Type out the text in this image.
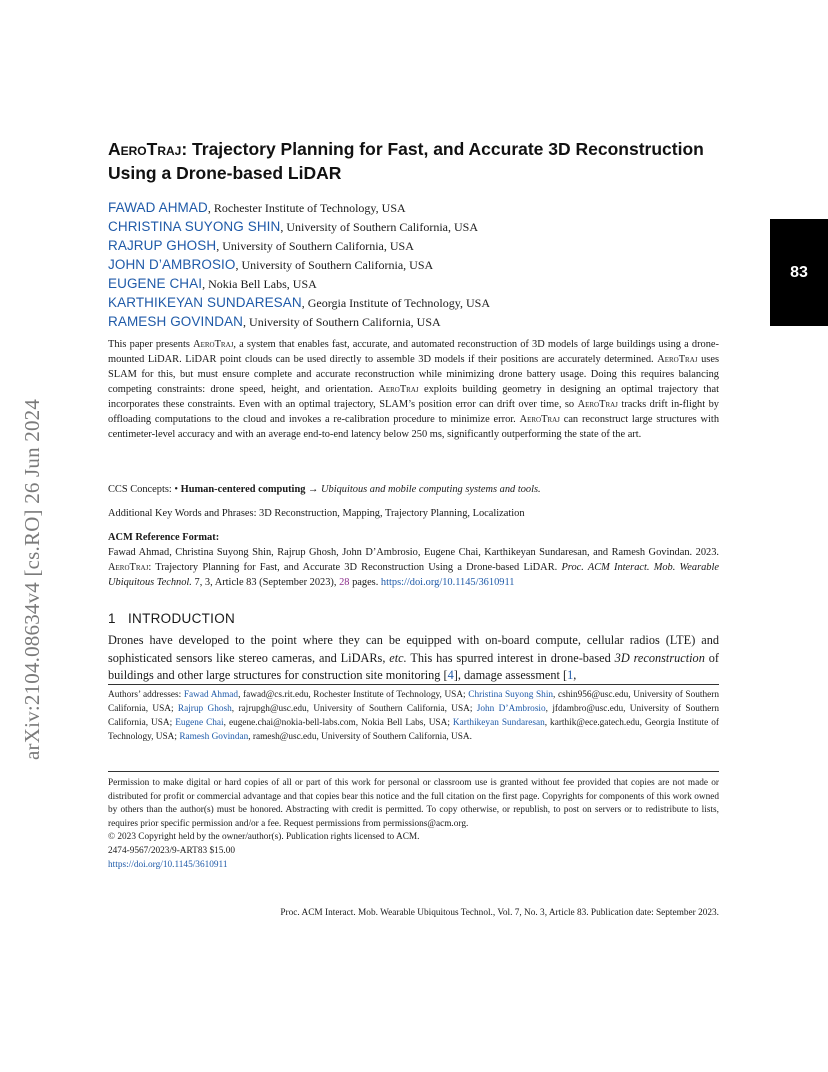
arXiv:2104.08634v4 [cs.RO] 26 Jun 2024
83
AeroTraj: Trajectory Planning for Fast, and Accurate 3D Reconstruction Using a Drone-based LiDAR
FAWAD AHMAD, Rochester Institute of Technology, USA
CHRISTINA SUYONG SHIN, University of Southern California, USA
RAJRUP GHOSH, University of Southern California, USA
JOHN D’AMBROSIO, University of Southern California, USA
EUGENE CHAI, Nokia Bell Labs, USA
KARTHIKEYAN SUNDARESAN, Georgia Institute of Technology, USA
RAMESH GOVINDAN, University of Southern California, USA

This paper presents AeroTraj, a system that enables fast, accurate, and automated reconstruction of 3D models of large buildings using a drone-mounted LiDAR. LiDAR point clouds can be used directly to assemble 3D models if their positions are accurately determined. AeroTraj uses SLAM for this, but must ensure complete and accurate reconstruction while minimizing drone battery usage. Doing this requires balancing competing constraints: drone speed, height, and orientation. AeroTraj exploits building geometry in designing an optimal trajectory that incorporates these constraints. Even with an optimal trajectory, SLAM’s position error can drift over time, so AeroTraj tracks drift in-flight by offloading computations to the cloud and invokes a re-calibration procedure to minimize error. AeroTraj can reconstruct large structures with centimeter-level accuracy and with an average end-to-end latency below 250 ms, significantly outperforming the state of the art.

CCS Concepts: • Human-centered computing → Ubiquitous and mobile computing systems and tools.

Additional Key Words and Phrases: 3D Reconstruction, Mapping, Trajectory Planning, Localization

ACM Reference Format:

Fawad Ahmad, Christina Suyong Shin, Rajrup Ghosh, John D’Ambrosio, Eugene Chai, Karthikeyan Sundaresan, and Ramesh Govindan. 2023. AeroTraj: Trajectory Planning for Fast, and Accurate 3D Reconstruction Using a Drone-based LiDAR. Proc. ACM Interact. Mob. Wearable Ubiquitous Technol. 7, 3, Article 83 (September 2023), 28 pages. https://doi.org/10.1145/3610911

1 INTRODUCTION

Drones have developed to the point where they can be equipped with on-board compute, cellular radios (LTE) and sophisticated sensors like stereo cameras, and LiDARs, etc. This has spurred interest in drone-based 3D reconstruction of buildings and other large structures for construction site monitoring [4], damage assessment [1,

Authors’ addresses: Fawad Ahmad, fawad@cs.rit.edu, Rochester Institute of Technology, USA; Christina Suyong Shin, cshin956@usc.edu, University of Southern California, USA; Rajrup Ghosh, rajrupgh@usc.edu, University of Southern California, USA; John D’Ambrosio, jfdambro@usc.edu, University of Southern California, USA; Eugene Chai, eugene.chai@nokia-bell-labs.com, Nokia Bell Labs, USA; Karthikeyan Sundaresan, karthik@ece.gatech.edu, Georgia Institute of Technology, USA; Ramesh Govindan, ramesh@usc.edu, University of Southern California, USA.

Permission to make digital or hard copies of all or part of this work for personal or classroom use is granted without fee provided that copies are not made or distributed for profit or commercial advantage and that copies bear this notice and the full citation on the first page. Copyrights for components of this work owned by others than the author(s) must be honored. Abstracting with credit is permitted. To copy otherwise, or republish, to post on servers or to redistribute to lists, requires prior specific permission and/or a fee. Request permissions from permissions@acm.org.

© 2023 Copyright held by the owner/author(s). Publication rights licensed to ACM.

2474-9567/2023/9-ART83 $15.00

https://doi.org/10.1145/3610911

Proc. ACM Interact. Mob. Wearable Ubiquitous Technol., Vol. 7, No. 3, Article 83. Publication date: September 2023.
